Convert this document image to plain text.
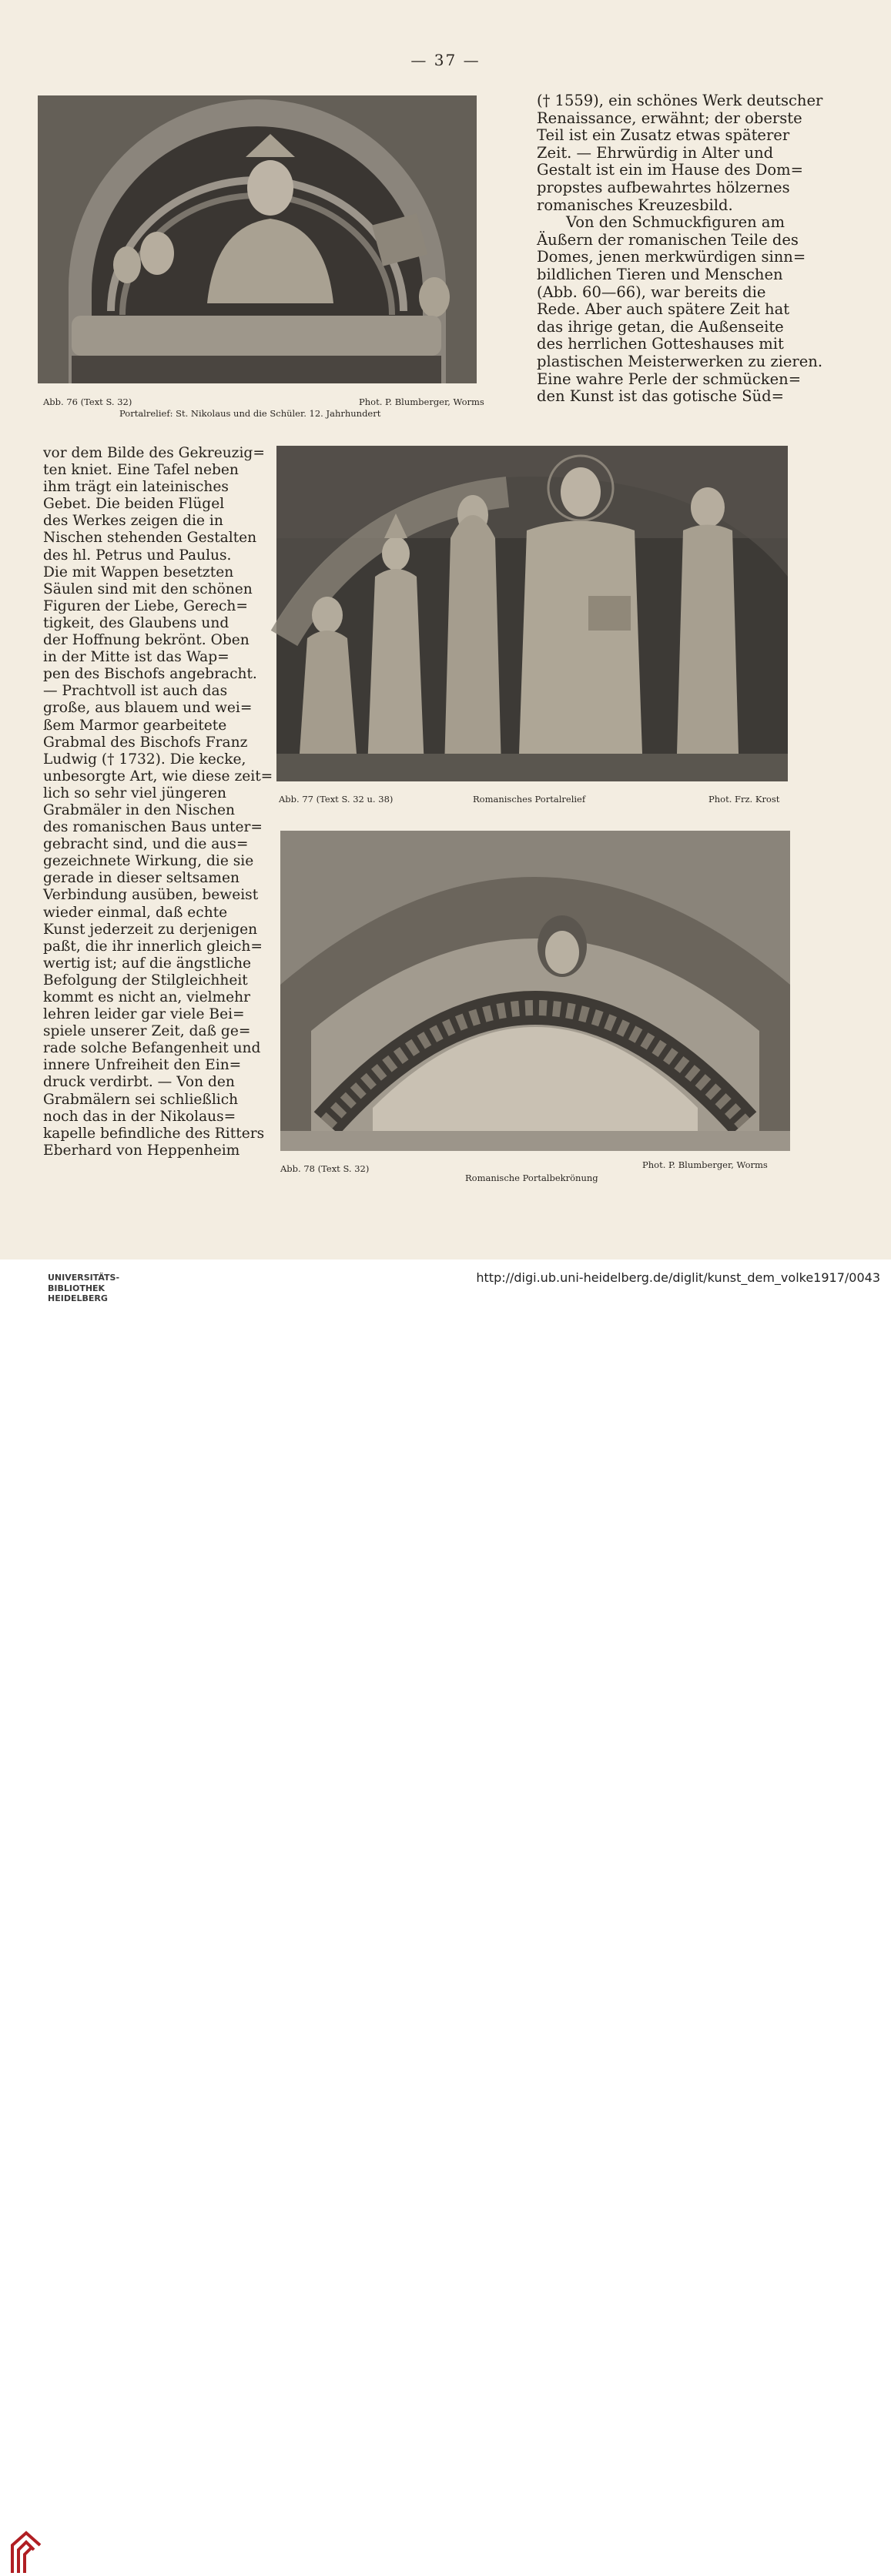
— 37 —
Abb. 76 (Text S. 32)	Phot. P. Blumberger, Worms
Portalrelief: St. Nikolaus und die Schüler. 12. Jahrhundert

(† 1559), ein schönes Werk deutscher
Renaissance, erwähnt; der oberste
Teil ist ein Zusatz etwas späterer
Zeit. — Ehrwürdig in Alter und
Gestalt ist ein im Hause des Dom=
propstes aufbewahrtes hölzernes
romanisches Kreuzesbild.

Von den Schmuckfiguren am

Äußern der romanischen Teile des
Domes, jenen merkwürdigen sinn=
bildlichen Tieren und Menschen
(Abb. 60—66), war bereits die
Rede. Aber auch spätere Zeit hat
das ihrige getan, die Außenseite
des herrlichen Gotteshauses mit
plastischen Meisterwerken zu zieren.
Eine wahre Perle der schmücken=
den Kunst ist das gotische Süd=

vor dem Bilde des Gekreuzig=
ten kniet. Eine Tafel neben
ihm trägt ein lateinisches
Gebet. Die beiden Flügel
des Werkes zeigen die in
Nischen stehenden Gestalten
des hl. Petrus und Paulus.
Die mit Wappen besetzten
Säulen sind mit den schönen
Figuren der Liebe, Gerech=
tigkeit, des Glaubens und
der Hoffnung bekrönt. Oben
in der Mitte ist das Wap=
pen des Bischofs angebracht.
— Prachtvoll ist auch das
große, aus blauem und wei=
ßem Marmor gearbeitete
Grabmal des Bischofs Franz
Ludwig († 1732). Die kecke,
unbesorgte Art, wie diese zeit=
lich so sehr viel jüngeren
Grabmäler in den Nischen
des romanischen Baus unter=
gebracht sind, und die aus=
gezeichnete Wirkung, die sie
gerade in dieser seltsamen
Verbindung ausüben, beweist
wieder einmal, daß echte
Kunst jederzeit zu derjenigen
paßt, die ihr innerlich gleich=
wertig ist; auf die ängstliche
Befolgung der Stilgleichheit
kommt es nicht an, vielmehr
lehren leider gar viele Bei=
spiele unserer Zeit, daß ge=
rade solche Befangenheit und
innere Unfreiheit den Ein=
druck verdirbt. — Von den
Grabmälern sei schließlich
noch das in der Nikolaus=
kapelle befindliche des Ritters
Eberhard von Heppenheim

Abb. 77 (Text S. 32 u. 38)	Romanisches Portalrelief	Phot. Frz. Krost
Abb. 78 (Text S. 32)	Phot. P. Blumberger, Worms
Romanische Portalbekrönung
UNIVERSITÄTS-
BIBLIOTHEK
HEIDELBERG
http://digi.ub.uni-heidelberg.de/diglit/kunst_dem_volke1917/0043
